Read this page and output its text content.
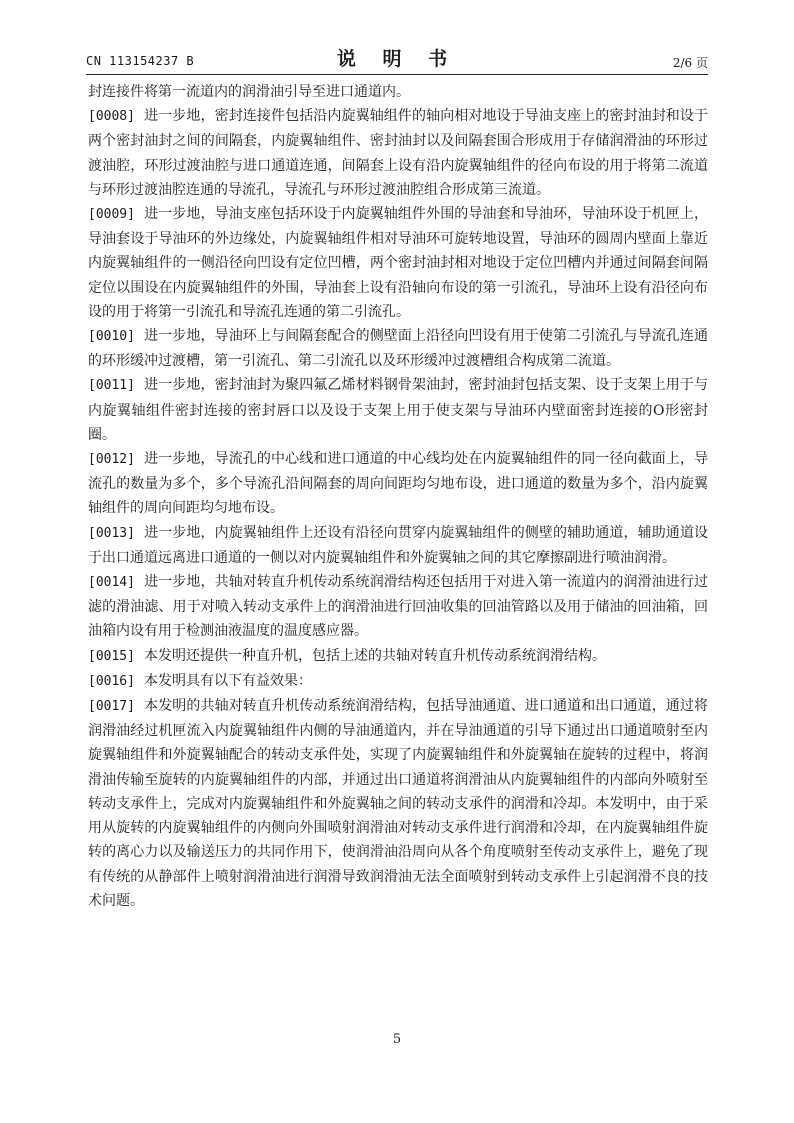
CN 113154237 B	说 明 书	2/6 页

封连接件将第一流道内的润滑油引导至进口通道内。

[0008] 进一步地，密封连接件包括沿内旋翼轴组件的轴向相对地设于导油支座上的密封油封和设于两个密封油封之间的间隔套，内旋翼轴组件、密封油封以及间隔套围合形成用于存储润滑油的环形过渡油腔，环形过渡油腔与进口通道连通，间隔套上设有沿内旋翼轴组件的径向布设的用于将第二流道与环形过渡油腔连通的导流孔，导流孔与环形过渡油腔组合形成第三流道。

[0009] 进一步地，导油支座包括环设于内旋翼轴组件外围的导油套和导油环，导油环设于机匣上，导油套设于导油环的外边缘处，内旋翼轴组件相对导油环可旋转地设置，导油环的圆周内壁面上靠近内旋翼轴组件的一侧沿径向凹设有定位凹槽，两个密封油封相对地设于定位凹槽内并通过间隔套间隔定位以围设在内旋翼轴组件的外围，导油套上设有沿轴向布设的第一引流孔，导油环上设有沿径向布设的用于将第一引流孔和导流孔连通的第二引流孔。

[0010] 进一步地，导油环上与间隔套配合的侧壁面上沿径向凹设有用于使第二引流孔与导流孔连通的环形缓冲过渡槽，第一引流孔、第二引流孔以及环形缓冲过渡槽组合构成第二流道。

[0011] 进一步地，密封油封为聚四氟乙烯材料钢骨架油封，密封油封包括支架、设于支架上用于与内旋翼轴组件密封连接的密封唇口以及设于支架上用于使支架与导油环内壁面密封连接的O形密封圈。

[0012] 进一步地，导流孔的中心线和进口通道的中心线均处在内旋翼轴组件的同一径向截面上，导流孔的数量为多个，多个导流孔沿间隔套的周向间距均匀地布设，进口通道的数量为多个，沿内旋翼轴组件的周向间距均匀地布设。

[0013] 进一步地，内旋翼轴组件上还设有沿径向贯穿内旋翼轴组件的侧壁的辅助通道，辅助通道设于出口通道远离进口通道的一侧以对内旋翼轴组件和外旋翼轴之间的其它摩擦副进行喷油润滑。

[0014] 进一步地，共轴对转直升机传动系统润滑结构还包括用于对进入第一流道内的润滑油进行过滤的滑油滤、用于对喷入转动支承件上的润滑油进行回油收集的回油管路以及用于储油的回油箱，回油箱内设有用于检测油液温度的温度感应器。

[0015] 本发明还提供一种直升机，包括上述的共轴对转直升机传动系统润滑结构。

[0016] 本发明具有以下有益效果：

[0017] 本发明的共轴对转直升机传动系统润滑结构，包括导油通道、进口通道和出口通道，通过将润滑油经过机匣流入内旋翼轴组件内侧的导油通道内，并在导油通道的引导下通过出口通道喷射至内旋翼轴组件和外旋翼轴配合的转动支承件处，实现了内旋翼轴组件和外旋翼轴在旋转的过程中，将润滑油传输至旋转的内旋翼轴组件的内部，并通过出口通道将润滑油从内旋翼轴组件的内部向外喷射至转动支承件上，完成对内旋翼轴组件和外旋翼轴之间的转动支承件的润滑和冷却。本发明中，由于采用从旋转的内旋翼轴组件的内侧向外围喷射润滑油对转动支承件进行润滑和冷却，在内旋翼轴组件旋转的离心力以及输送压力的共同作用下，使润滑油沿周向从各个角度喷射至传动支承件上，避免了现有传统的从静部件上喷射润滑油进行润滑导致润滑油无法全面喷射到转动支承件上引起润滑不良的技术问题。

5
